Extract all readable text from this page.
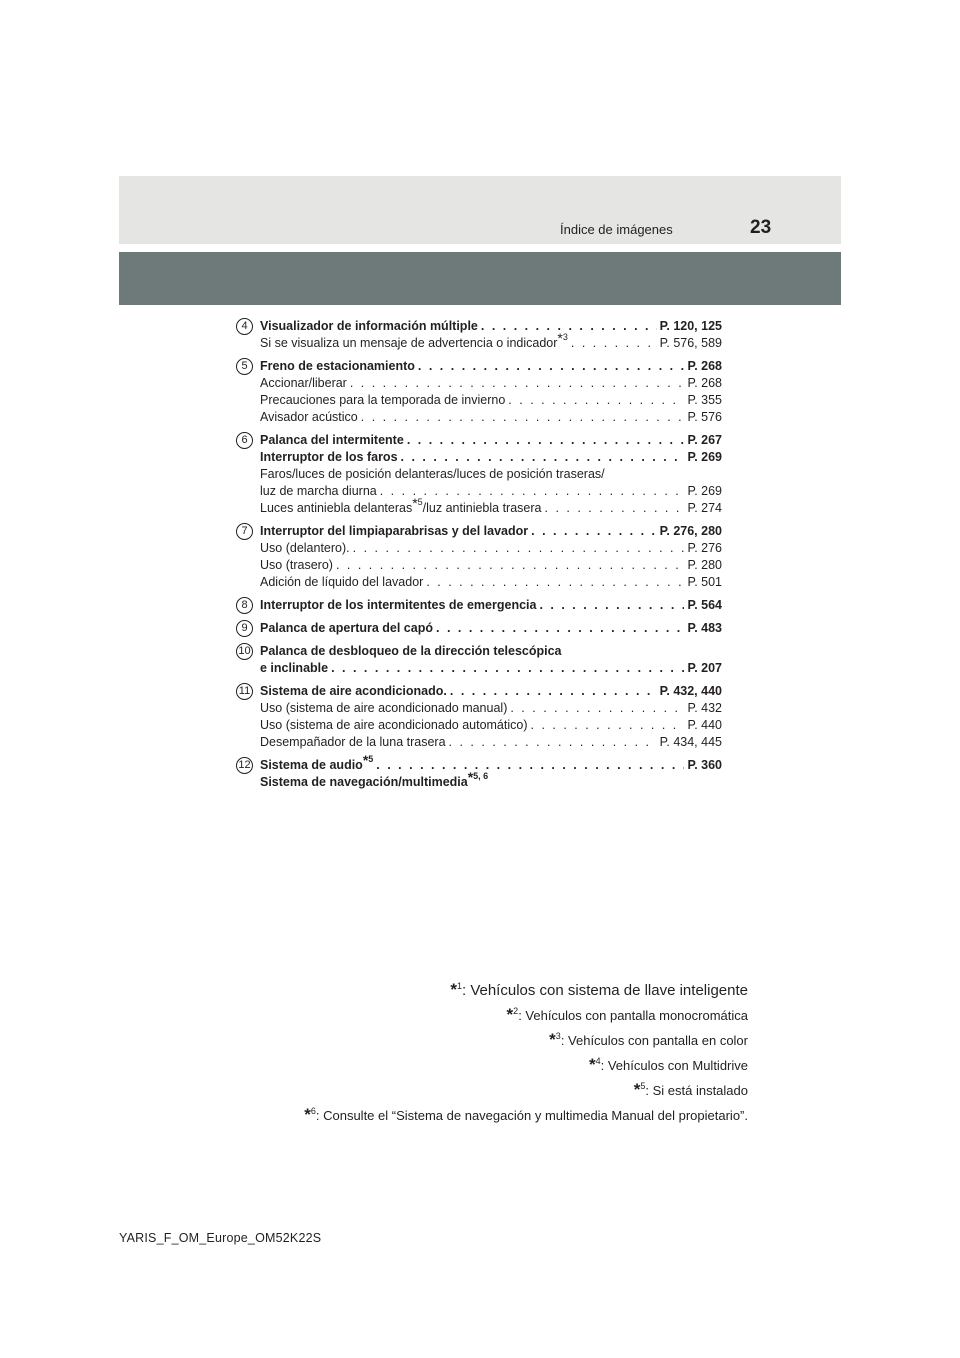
Índice de imágenes	23
4 Visualizador de información múltiple . . .	P. 120, 125
Si se visualiza un mensaje de advertencia o indicador$^{*^3}$ . . .	P. 576, 589
5 Freno de estacionamiento . . .	P. 268
Accionar/liberar . . .	P. 268
Precauciones para la temporada de invierno . . .	P. 355
Avisador acústico . . .	P. 576
6 Palanca del intermitente . . .	P. 267
Interruptor de los faros . . .	P. 269
Faros/luces de posición delanteras/luces de posición traseras/
luz de marcha diurna . . .	P. 269
Luces antiniebla delanteras$^{*^5}$/luz antiniebla trasera . . .	P. 274
7 Interruptor del limpiaparabrisas y del lavador . . .	P. 276, 280
Uso (delantero). . . .	P. 276
Uso (trasero) . . .	P. 280
Adición de líquido del lavador . . .	P. 501
8 Interruptor de los intermitentes de emergencia . . .	P. 564
9 Palanca de apertura del capó . . .	P. 483
10 Palanca de desbloqueo de la dirección telescópica
e inclinable . . .	P. 207
11 Sistema de aire acondicionado. . . .	P. 432, 440
Uso (sistema de aire acondicionado manual) . . .	P. 432
Uso (sistema de aire acondicionado automático) . . .	P. 440
Desempañador de la luna trasera . . .	P. 434, 445
12 Sistema de audio$^{*^5}$ . . .	P. 360
Sistema de navegación/multimedia$^{*^{5, 6}}$
*$^1$: Vehículos con sistema de llave inteligente
*$^2$: Vehículos con pantalla monocromática
*$^3$: Vehículos con pantalla en color
*$^4$: Vehículos con Multidrive
*$^5$: Si está instalado
*$^6$: Consulte el “Sistema de navegación y multimedia Manual del propietario”.
YARIS_F_OM_Europe_OM52K22S
